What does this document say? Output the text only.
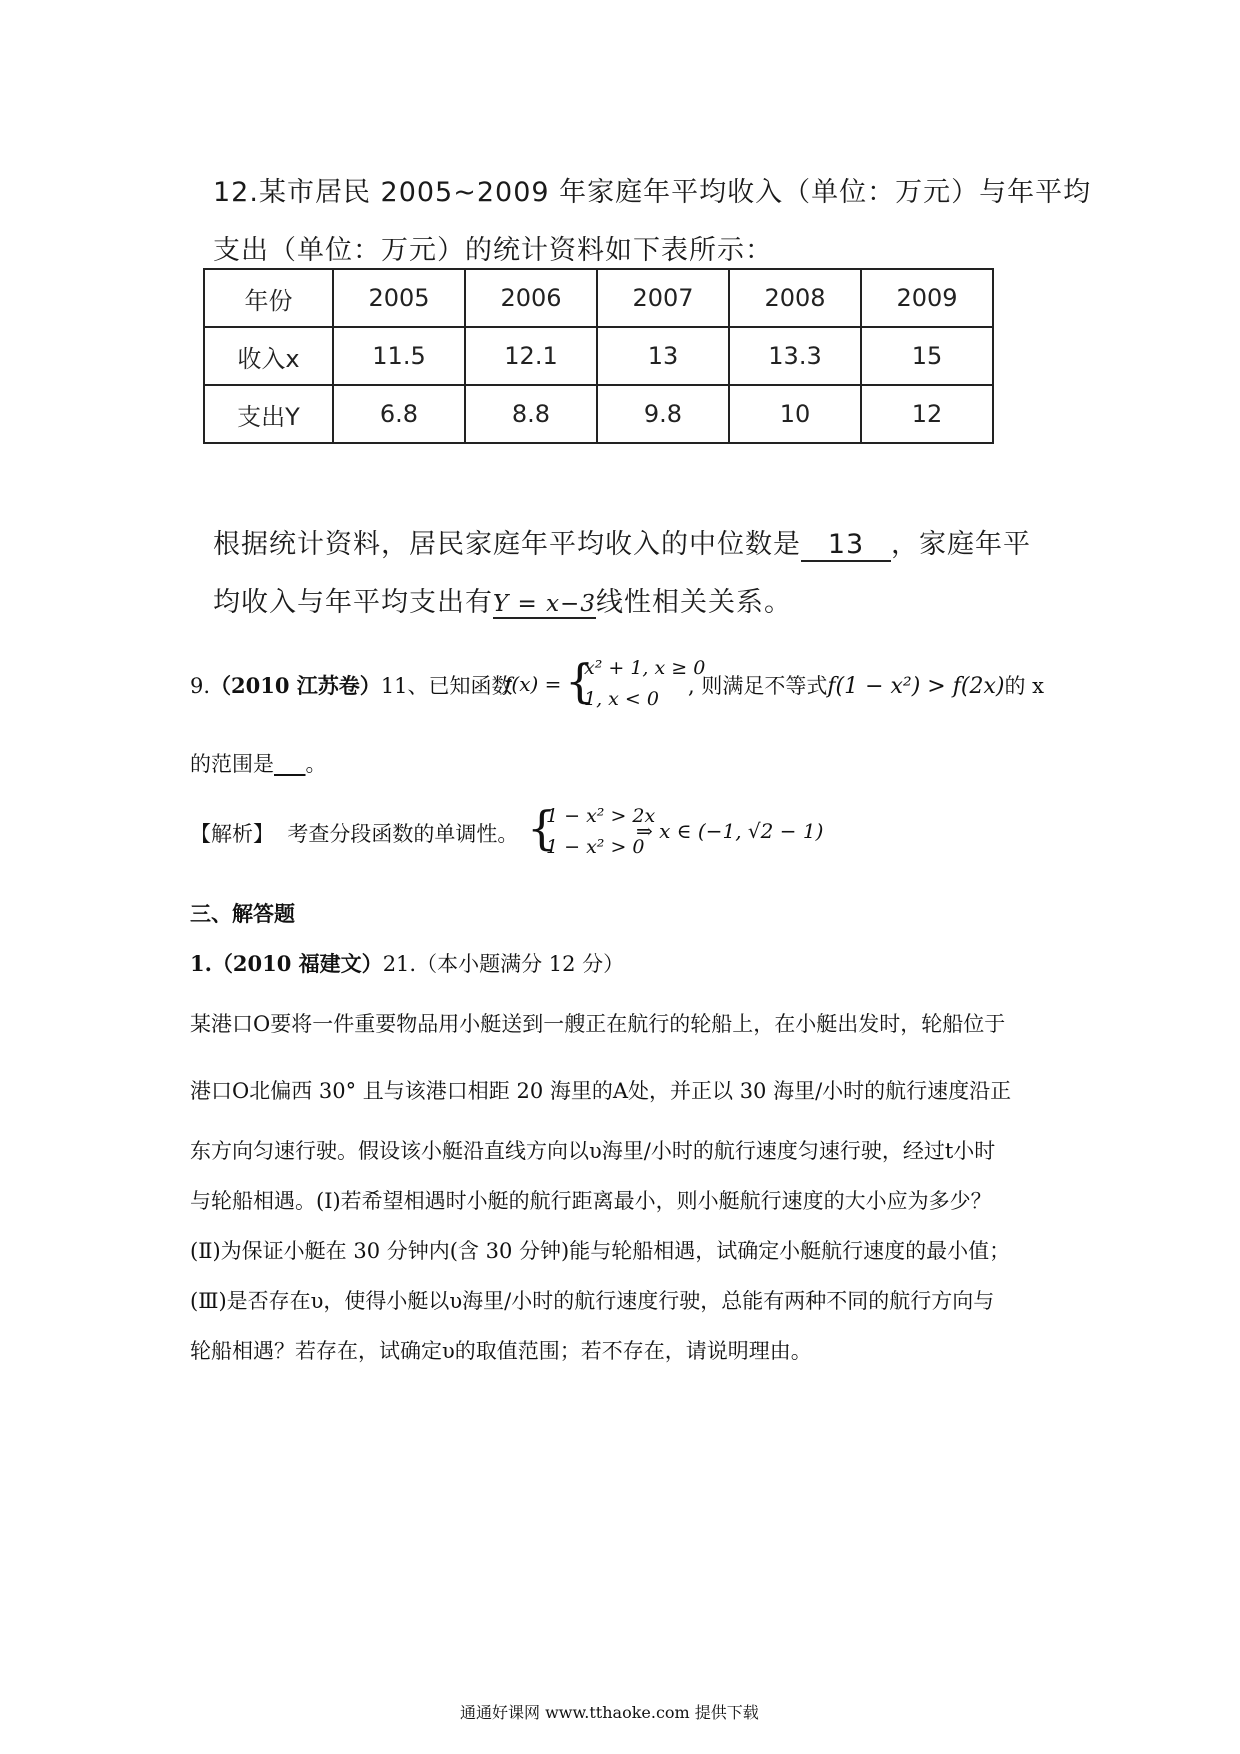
12.某市居民 2005~2009 年家庭年平均收入（单位：万元）与年平均
支出（单位：万元）的统计资料如下表所示：
年份	2005	2006	2007	2008	2009
收入x	11.5	12.1	13	13.3	15
支出Y	6.8	8.8	9.8	10	12
根据统计资料，居民家庭年平均收入的中位数是 13 ，家庭年平
均收入与年平均支出有Y = x−3线性相关关系。
9.（2010 江苏卷）11、已知函数
f(x) = {
x² + 1, x ≥ 0
1, x < 0
, 则满足不等式f(1 − x²) > f(2x)的 x
的范围是___。
【解析】 考查分段函数的单调性。 {
1 − x² > 2x
1 − x² > 0
⇒ x ∈ (−1, √2 − 1)
三、解答题
1.（2010 福建文）21.（本小题满分 12 分）
某港口O要将一件重要物品用小艇送到一艘正在航行的轮船上，在小艇出发时，轮船位于
港口O北偏西 30° 且与该港口相距 20 海里的A处，并正以 30 海里/小时的航行速度沿正
东方向匀速行驶。假设该小艇沿直线方向以υ海里/小时的航行速度匀速行驶，经过t小时
与轮船相遇。(Ⅰ)若希望相遇时小艇的航行距离最小，则小艇航行速度的大小应为多少？
(Ⅱ)为保证小艇在 30 分钟内(含 30 分钟)能与轮船相遇，试确定小艇航行速度的最小值；
(Ⅲ)是否存在υ，使得小艇以υ海里/小时的航行速度行驶，总能有两种不同的航行方向与
轮船相遇？若存在，试确定υ的取值范围；若不存在，请说明理由。
通通好课网 www.tthaoke.com 提供下载
